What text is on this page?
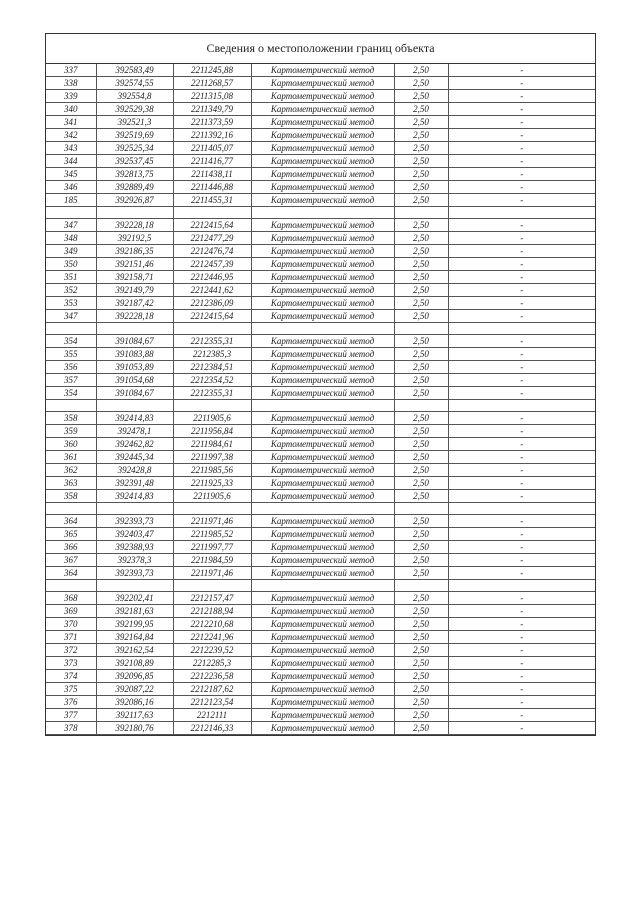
Сведения о местоположении границ объекта
337	392583,49	2211245,88	Картометрический метод	2,50	-
338	392574,55	2211268,57	Картометрический метод	2,50	-
339	392554,8	2211315,08	Картометрический метод	2,50	-
340	392529,38	2211349,79	Картометрический метод	2,50	-
341	392521,3	2211373,59	Картометрический метод	2,50	-
342	392519,69	2211392,16	Картометрический метод	2,50	-
343	392525,34	2211405,07	Картометрический метод	2,50	-
344	392537,45	2211416,77	Картометрический метод	2,50	-
345	392813,75	2211438,11	Картометрический метод	2,50	-
346	392889,49	2211446,88	Картометрический метод	2,50	-
185	392926,87	2211455,31	Картометрический метод	2,50	-

347	392228,18	2212415,64	Картометрический метод	2,50	-
348	392192,5	2212477,29	Картометрический метод	2,50	-
349	392186,35	2212476,74	Картометрический метод	2,50	-
350	392151,46	2212457,39	Картометрический метод	2,50	-
351	392158,71	2212446,95	Картометрический метод	2,50	-
352	392149,79	2212441,62	Картометрический метод	2,50	-
353	392187,42	2212386,09	Картометрический метод	2,50	-
347	392228,18	2212415,64	Картометрический метод	2,50	-

354	391084,67	2212355,31	Картометрический метод	2,50	-
355	391083,88	2212385,3	Картометрический метод	2,50	-
356	391053,89	2212384,51	Картометрический метод	2,50	-
357	391054,68	2212354,52	Картометрический метод	2,50	-
354	391084,67	2212355,31	Картометрический метод	2,50	-

358	392414,83	2211905,6	Картометрический метод	2,50	-
359	392478,1	2211956,84	Картометрический метод	2,50	-
360	392462,82	2211984,61	Картометрический метод	2,50	-
361	392445,34	2211997,38	Картометрический метод	2,50	-
362	392428,8	2211985,56	Картометрический метод	2,50	-
363	392391,48	2211925,33	Картометрический метод	2,50	-
358	392414,83	2211905,6	Картометрический метод	2,50	-

364	392393,73	2211971,46	Картометрический метод	2,50	-
365	392403,47	2211985,52	Картометрический метод	2,50	-
366	392388,93	2211997,77	Картометрический метод	2,50	-
367	392378,3	2211984,59	Картометрический метод	2,50	-
364	392393,73	2211971,46	Картометрический метод	2,50	-

368	392202,41	2212157,47	Картометрический метод	2,50	-
369	392181,63	2212188,94	Картометрический метод	2,50	-
370	392199,95	2212210,68	Картометрический метод	2,50	-
371	392164,84	2212241,96	Картометрический метод	2,50	-
372	392162,54	2212239,52	Картометрический метод	2,50	-
373	392108,89	2212285,3	Картометрический метод	2,50	-
374	392096,85	2212236,58	Картометрический метод	2,50	-
375	392087,22	2212187,62	Картометрический метод	2,50	-
376	392086,16	2212123,54	Картометрический метод	2,50	-
377	392117,63	2212111	Картометрический метод	2,50	-
378	392180,76	2212146,33	Картометрический метод	2,50	-
